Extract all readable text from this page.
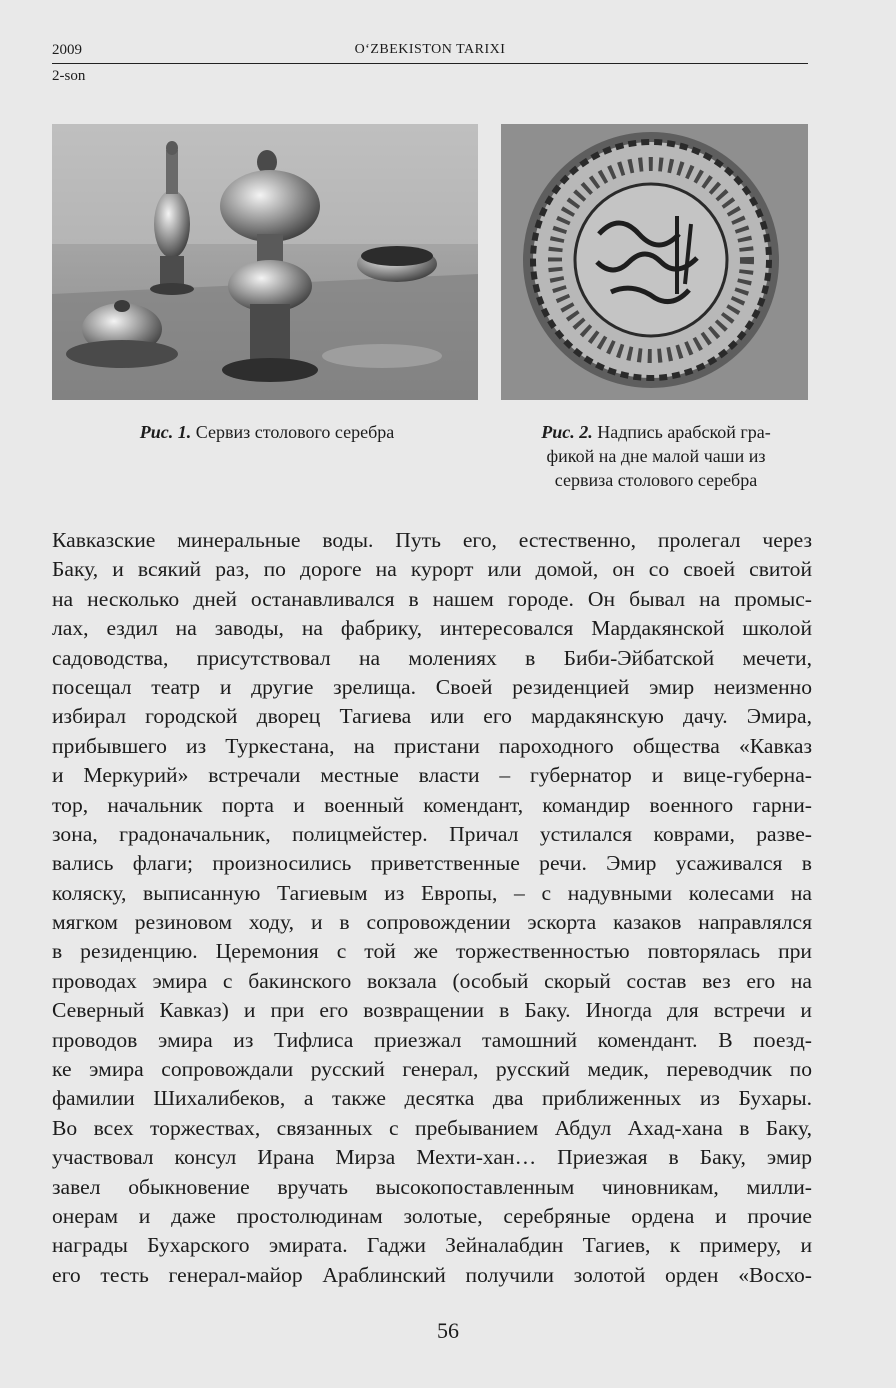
2009	O‘ZBEKISTON TARIXI
2-son
Рис. 1. Сервиз столового серебра	Рис. 2. Надпись арабской гра-
фикой на дне малой чаши из
сервиза столового серебра
Кавказские минеральные воды. Путь его, естественно, пролегал через
Баку, и всякий раз, по дороге на курорт или домой, он со своей свитой
на несколько дней останавливался в нашем городе. Он бывал на промыс-
лах, ездил на заводы, на фабрику, интересовался Мардакянской школой
садоводства, присутствовал на молениях в Биби-Эйбатской мечети,
посещал театр и другие зрелища. Своей резиденцией эмир неизменно
избирал городской дворец Тагиева или его мардакянскую дачу. Эмира,
прибывшего из Туркестана, на пристани пароходного общества «Кавказ
и Меркурий» встречали местные власти – губернатор и вице-губерна-
тор, начальник порта и военный комендант, командир военного гарни-
зона, градоначальник, полицмейстер. Причал устилался коврами, разве-
вались флаги; произносились приветственные речи. Эмир усаживался в
коляску, выписанную Тагиевым из Европы, – с надувными колесами на
мягком резиновом ходу, и в сопровождении эскорта казаков направлялся
в резиденцию. Церемония с той же торжественностью повторялась при
проводах эмира с бакинского вокзала (особый скорый состав вез его на
Северный Кавказ) и при его возвращении в Баку. Иногда для встречи и
проводов эмира из Тифлиса приезжал тамошний комендант. В поезд-
ке эмира сопровождали русский генерал, русский медик, переводчик по
фамилии Шихалибеков, а также десятка два приближенных из Бухары.
Во всех торжествах, связанных с пребыванием Абдул Ахад-хана в Баку,
участвовал консул Ирана Мирза Мехти-хан… Приезжая в Баку, эмир
завел обыкновение вручать высокопоставленным чиновникам, милли-
онерам и даже простолюдинам золотые, серебряные ордена и прочие
награды Бухарского эмирата. Гаджи Зейналабдин Тагиев, к примеру, и
его тесть генерал-майор Араблинский получили золотой орден «Восхо-
56
